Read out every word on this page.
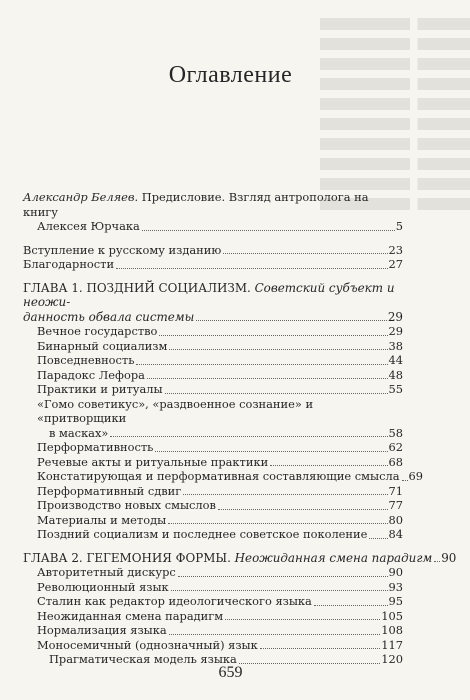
Оглавление
Александр Беляев. Предисловие. Взгляд антрополога на книгу
Алексея Юрчака	5
Вступление к русскому изданию	23
Благодарности	27
ГЛАВА 1. ПОЗДНИЙ СОЦИАЛИЗМ. Советский субъект и неожи-
данность обвала системы	29
Вечное государство	29
Бинарный социализм	38
Повседневность	44
Парадокс Лефора	48
Практики и ритуалы	55
«Гомо советикус», «раздвоенное сознание» и «притворщики
в масках»	58
Перформативность	62
Речевые акты и ритуальные практики	68
Констатирующая и перформативная составляющие смысла 69
Перформативный сдвиг	71
Производство новых смыслов	77
Материалы и методы	80
Поздний социализм и последнее советское поколение 84
ГЛАВА 2. ГЕГЕМОНИЯ ФОРМЫ. Неожиданная смена парадигм 90
Авторитетный дискурс	90
Революционный язык	93
Сталин как редактор идеологического языка	95
Неожиданная смена парадигм	105
Нормализация языка	108
Моносемичный (однозначный) язык	117
Прагматическая модель языка	120
659
